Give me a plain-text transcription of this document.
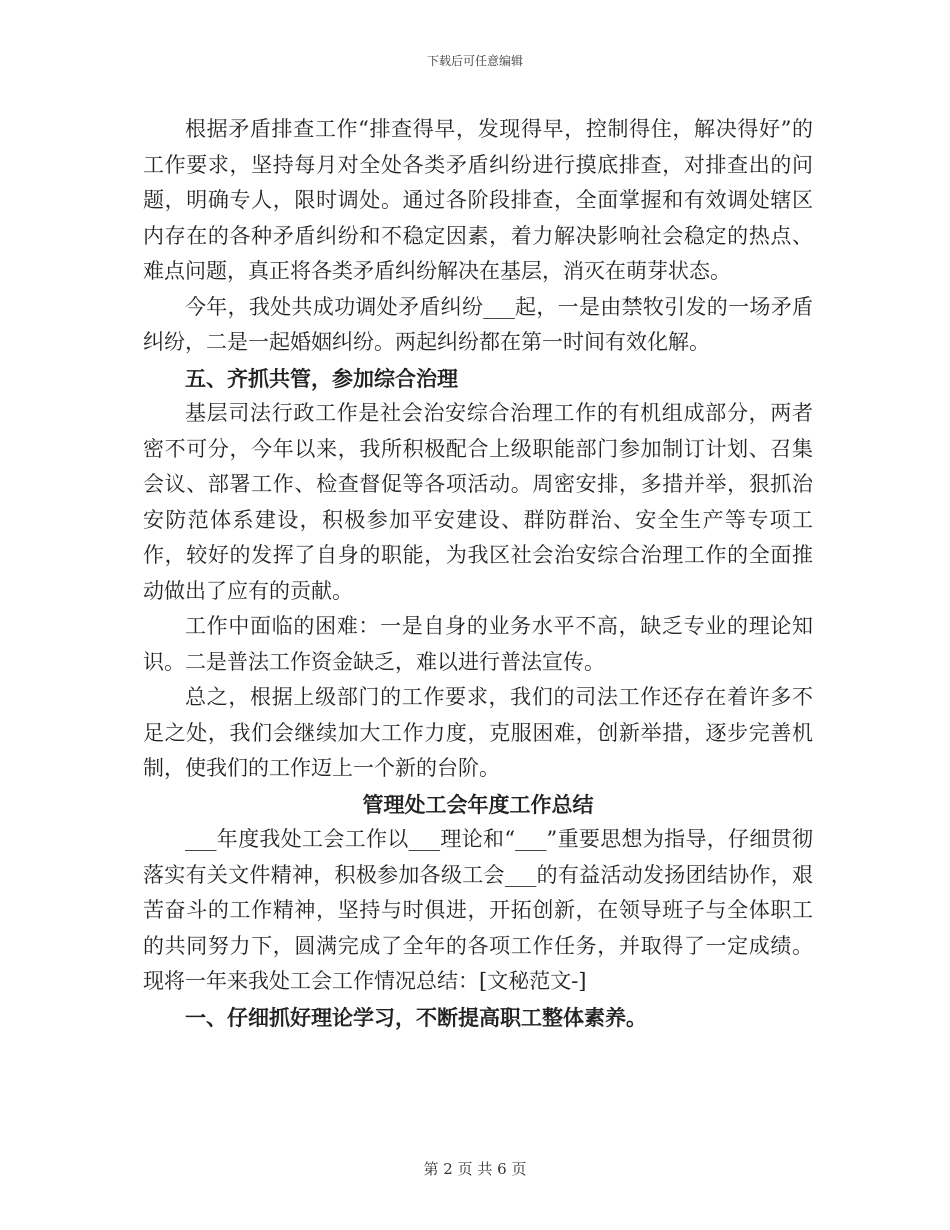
下载后可任意编辑

根据矛盾排查工作“排查得早，发现得早，控制得住，解决得好”的工作要求，坚持每月对全处各类矛盾纠纷进行摸底排查，对排查出的问题，明确专人，限时调处。通过各阶段排查，全面掌握和有效调处辖区内存在的各种矛盾纠纷和不稳定因素，着力解决影响社会稳定的热点、难点问题，真正将各类矛盾纠纷解决在基层，消灭在萌芽状态。

今年，我处共成功调处矛盾纠纷___起，一是由禁牧引发的一场矛盾纠纷，二是一起婚姻纠纷。两起纠纷都在第一时间有效化解。

五、齐抓共管，参加综合治理

基层司法行政工作是社会治安综合治理工作的有机组成部分，两者密不可分，今年以来，我所积极配合上级职能部门参加制订计划、召集会议、部署工作、检查督促等各项活动。周密安排，多措并举，狠抓治安防范体系建设，积极参加平安建设、群防群治、安全生产等专项工作，较好的发挥了自身的职能，为我区社会治安综合治理工作的全面推动做出了应有的贡献。

工作中面临的困难：一是自身的业务水平不高，缺乏专业的理论知识。二是普法工作资金缺乏，难以进行普法宣传。

总之，根据上级部门的工作要求，我们的司法工作还存在着许多不足之处，我们会继续加大工作力度，克服困难，创新举措，逐步完善机制，使我们的工作迈上一个新的台阶。

管理处工会年度工作总结

___年度我处工会工作以___理论和“___”重要思想为指导，仔细贯彻落实有关文件精神，积极参加各级工会___的有益活动发扬团结协作，艰苦奋斗的工作精神，坚持与时俱进，开拓创新，在领导班子与全体职工的共同努力下，圆满完成了全年的各项工作任务，并取得了一定成绩。现将一年来我处工会工作情况总结：[文秘范文-]

一、仔细抓好理论学习，不断提高职工整体素养。

第 2 页 共 6 页
